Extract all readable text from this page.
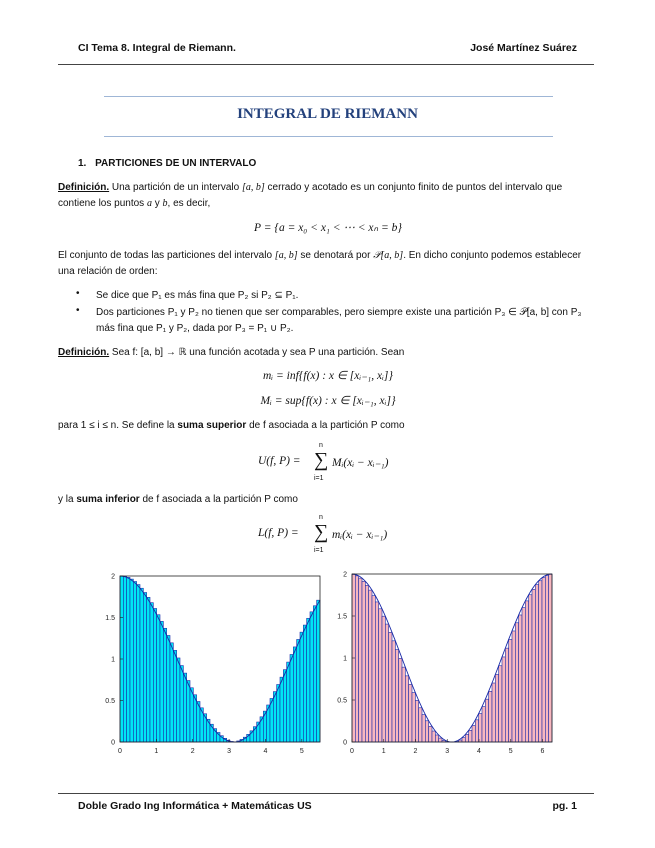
CI Tema 8. Integral de Riemann.	José Martínez Suárez
INTEGRAL DE RIEMANN
1. PARTICIONES DE UN INTERVALO
Definición. Una partición de un intervalo [a, b] cerrado y acotado es un conjunto finito de puntos del intervalo que contiene los puntos a y b, es decir,
P = {a = x₀ < x₁ < ⋯ < xₙ = b}
El conjunto de todas las particiones del intervalo [a, b] se denotará por 𝒫[a, b]. En dicho conjunto podemos establecer una relación de orden:
• Se dice que P₁ es más fina que P₂ si P₂ ⊆ P₁.
• Dos particiones P₁ y P₂ no tienen que ser comparables, pero siempre existe una partición P₃ ∈ 𝒫[a, b] con P₃ más fina que P₁ y P₂, dada por P₃ = P₁ ∪ P₂.
Definición. Sea f: [a, b] → ℝ una función acotada y sea P una partición. Sean
mᵢ = inf{f(x) : x ∈ [xᵢ₋₁, xᵢ]}
Mᵢ = sup{f(x) : x ∈ [xᵢ₋₁, xᵢ]}
para 1 ≤ i ≤ n. Se define la suma superior de f asociada a la partición P como
U(f, P) =
n
∑
i=1
Mᵢ(xᵢ − xᵢ₋₁)
y la suma inferior de f asociada a la partición P como
L(f, P) =
n
∑
i=1
mᵢ(xᵢ − xᵢ₋₁)
0	1	2	3	4	5
0
0.5
1
1.5
2
0	1	2	3	4	5	6
0
0.5
1
1.5
2
Doble Grado Ing Informática + Matemáticas US	pg. 1
